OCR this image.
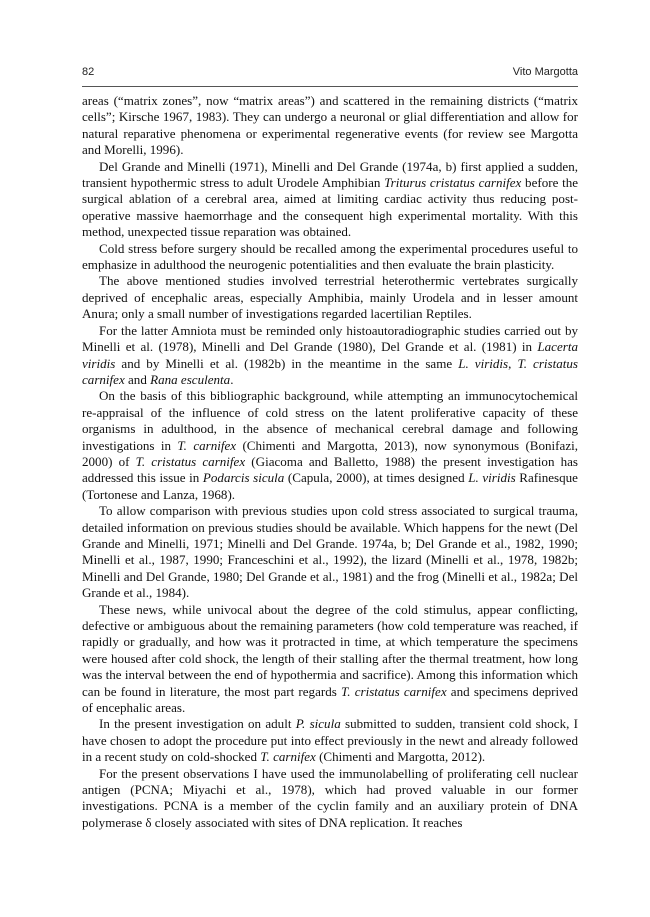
82	Vito Margotta

areas (“matrix zones”, now “matrix areas”) and scattered in the remaining districts (“matrix cells”; Kirsche 1967, 1983). They can undergo a neuronal or glial differentiation and allow for natural reparative phenomena or experimental regenerative events (for review see Margotta and Morelli, 1996).

Del Grande and Minelli (1971), Minelli and Del Grande (1974a, b) first applied a sudden, transient hypothermic stress to adult Urodele Amphibian Triturus cristatus carnifex before the surgical ablation of a cerebral area, aimed at limiting cardiac activity thus reducing post-operative massive haemorrhage and the consequent high experimental mortality. With this method, unexpected tissue reparation was obtained.

Cold stress before surgery should be recalled among the experimental procedures useful to emphasize in adulthood the neurogenic potentialities and then evaluate the brain plasticity.

The above mentioned studies involved terrestrial heterothermic vertebrates surgically deprived of encephalic areas, especially Amphibia, mainly Urodela and in lesser amount Anura; only a small number of investigations regarded lacertilian Reptiles.

For the latter Amniota must be reminded only histoautoradiographic studies carried out by Minelli et al. (1978), Minelli and Del Grande (1980), Del Grande et al. (1981) in Lacerta viridis and by Minelli et al. (1982b) in the meantime in the same L. viridis, T. cristatus carnifex and Rana esculenta.

On the basis of this bibliographic background, while attempting an immunocytochemical re-appraisal of the influence of cold stress on the latent proliferative capacity of these organisms in adulthood, in the absence of mechanical cerebral damage and following investigations in T. carnifex (Chimenti and Margotta, 2013), now synonymous (Bonifazi, 2000) of T. cristatus carnifex (Giacoma and Balletto, 1988) the present investigation has addressed this issue in Podarcis sicula (Capula, 2000), at times designed L. viridis Rafinesque (Tortonese and Lanza, 1968).

To allow comparison with previous studies upon cold stress associated to surgical trauma, detailed information on previous studies should be available. Which happens for the newt (Del Grande and Minelli, 1971; Minelli and Del Grande. 1974a, b; Del Grande et al., 1982, 1990; Minelli et al., 1987, 1990; Franceschini et al., 1992), the lizard (Minelli et al., 1978, 1982b; Minelli and Del Grande, 1980; Del Grande et al., 1981) and the frog (Minelli et al., 1982a; Del Grande et al., 1984).

These news, while univocal about the degree of the cold stimulus, appear conflicting, defective or ambiguous about the remaining parameters (how cold temperature was reached, if rapidly or gradually, and how was it protracted in time, at which temperature the specimens were housed after cold shock, the length of their stalling after the thermal treatment, how long was the interval between the end of hypothermia and sacrifice). Among this information which can be found in literature, the most part regards T. cristatus carnifex and specimens deprived of encephalic areas.

In the present investigation on adult P. sicula submitted to sudden, transient cold shock, I have chosen to adopt the procedure put into effect previously in the newt and already followed in a recent study on cold-shocked T. carnifex (Chimenti and Margotta, 2012).

For the present observations I have used the immunolabelling of proliferating cell nuclear antigen (PCNA; Miyachi et al., 1978), which had proved valuable in our former investigations. PCNA is a member of the cyclin family and an auxiliary protein of DNA polymerase δ closely associated with sites of DNA replication. It reaches
